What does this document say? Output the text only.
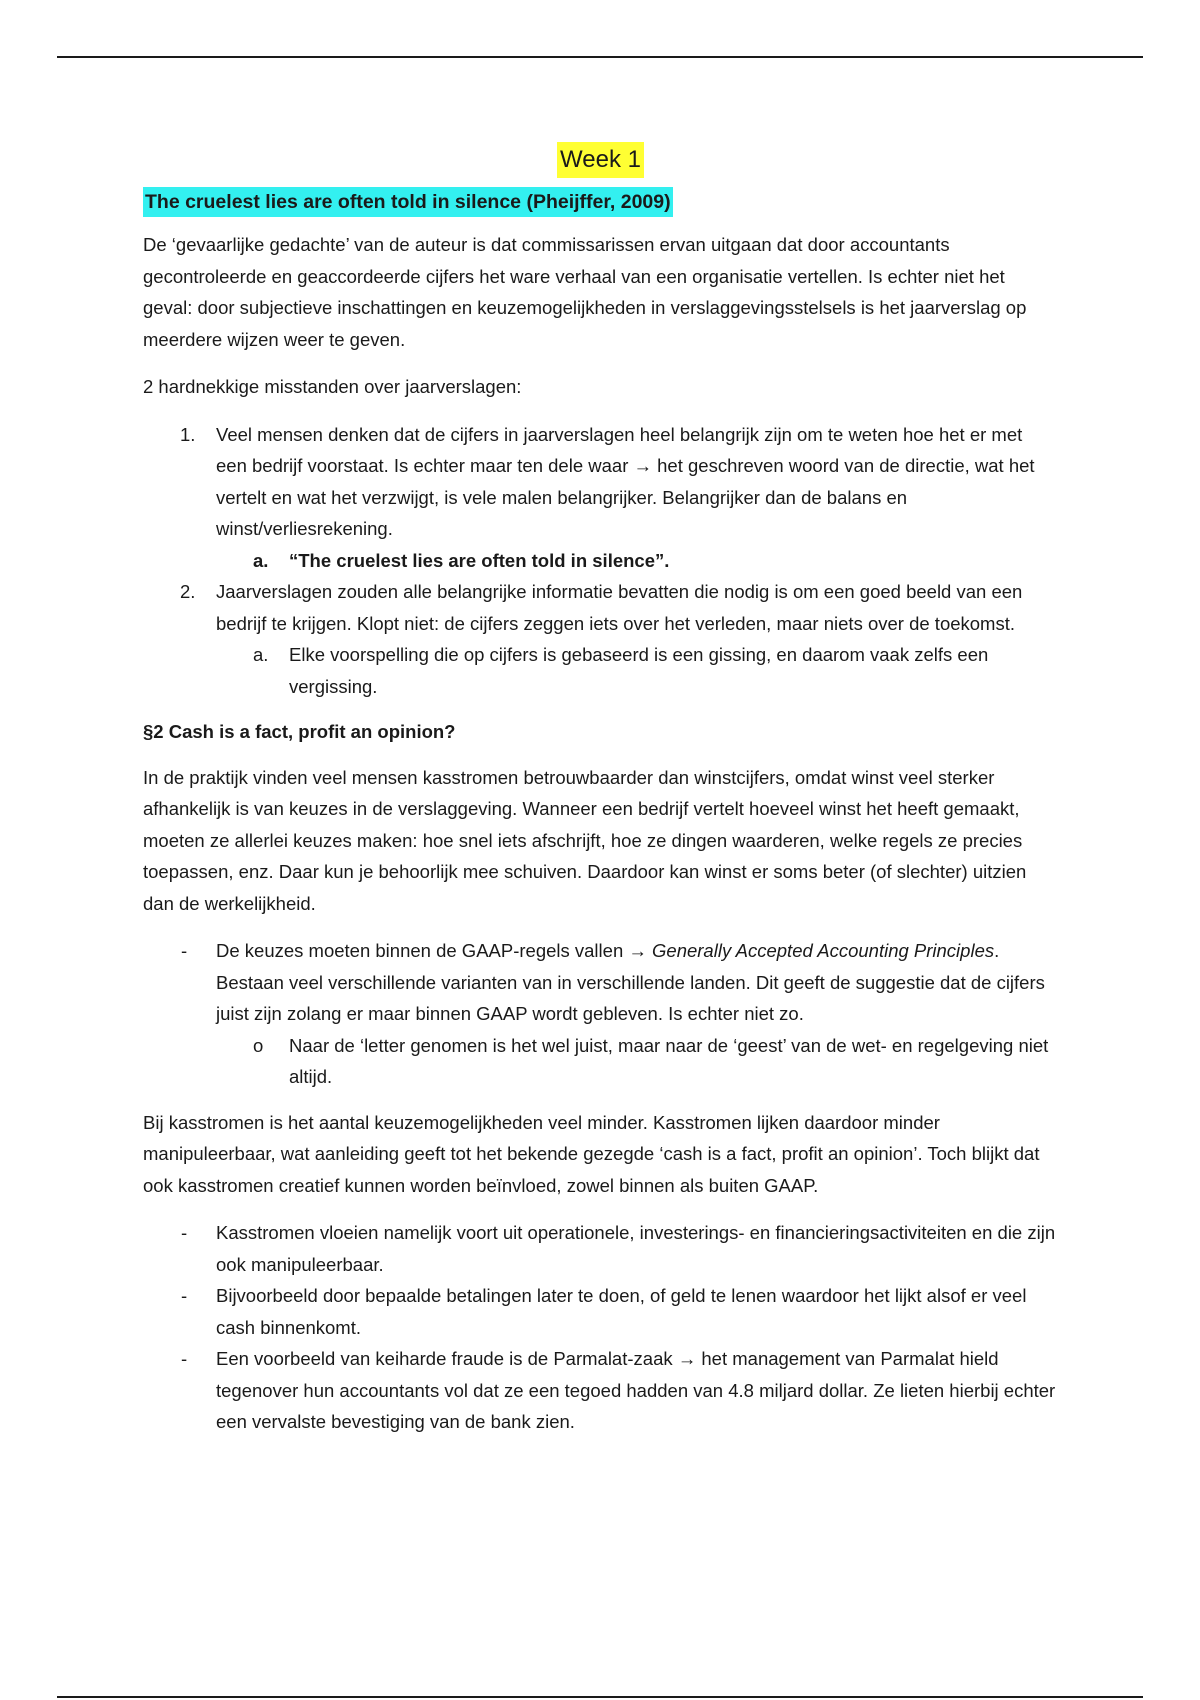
Week 1
The cruelest lies are often told in silence (Pheijffer, 2009)

De ‘gevaarlijke gedachte’ van de auteur is dat commissarissen ervan uitgaan dat door accountants gecontroleerde en geaccordeerde cijfers het ware verhaal van een organisatie vertellen. Is echter niet het geval: door subjectieve inschattingen en keuzemogelijkheden in verslaggevingsstelsels is het jaarverslag op meerdere wijzen weer te geven.

2 hardnekkige misstanden over jaarverslagen:

1. Veel mensen denken dat de cijfers in jaarverslagen heel belangrijk zijn om te weten hoe het er met een bedrijf voorstaat. Is echter maar ten dele waar → het geschreven woord van de directie, wat het vertelt en wat het verzwijgt, is vele malen belangrijker. Belangrijker dan de balans en winst/verliesrekening.
a. “The cruelest lies are often told in silence”.
2. Jaarverslagen zouden alle belangrijke informatie bevatten die nodig is om een goed beeld van een bedrijf te krijgen. Klopt niet: de cijfers zeggen iets over het verleden, maar niets over de toekomst.
a. Elke voorspelling die op cijfers is gebaseerd is een gissing, en daarom vaak zelfs een vergissing.
§2 Cash is a fact, profit an opinion?

In de praktijk vinden veel mensen kasstromen betrouwbaarder dan winstcijfers, omdat winst veel sterker afhankelijk is van keuzes in de verslaggeving. Wanneer een bedrijf vertelt hoeveel winst het heeft gemaakt, moeten ze allerlei keuzes maken: hoe snel iets afschrijft, hoe ze dingen waarderen, welke regels ze precies toepassen, enz. Daar kun je behoorlijk mee schuiven. Daardoor kan winst er soms beter (of slechter) uitzien dan de werkelijkheid.

- De keuzes moeten binnen de GAAP-regels vallen → Generally Accepted Accounting Principles.
Bestaan veel verschillende varianten van in verschillende landen. Dit geeft de suggestie dat de cijfers juist zijn zolang er maar binnen GAAP wordt gebleven. Is echter niet zo.
o Naar de ‘letter genomen is het wel juist, maar naar de ‘geest’ van de wet- en regelgeving niet altijd.

Bij kasstromen is het aantal keuzemogelijkheden veel minder. Kasstromen lijken daardoor minder manipuleerbaar, wat aanleiding geeft tot het bekende gezegde ‘cash is a fact, profit an opinion’. Toch blijkt dat ook kasstromen creatief kunnen worden beïnvloed, zowel binnen als buiten GAAP.

- Kasstromen vloeien namelijk voort uit operationele, investerings- en financieringsactiviteiten en die zijn ook manipuleerbaar.
- Bijvoorbeeld door bepaalde betalingen later te doen, of geld te lenen waardoor het lijkt alsof er veel cash binnenkomt.
- Een voorbeeld van keiharde fraude is de Parmalat-zaak → het management van Parmalat hield tegenover hun accountants vol dat ze een tegoed hadden van 4.8 miljard dollar. Ze lieten hierbij echter een vervalste bevestiging van de bank zien.
